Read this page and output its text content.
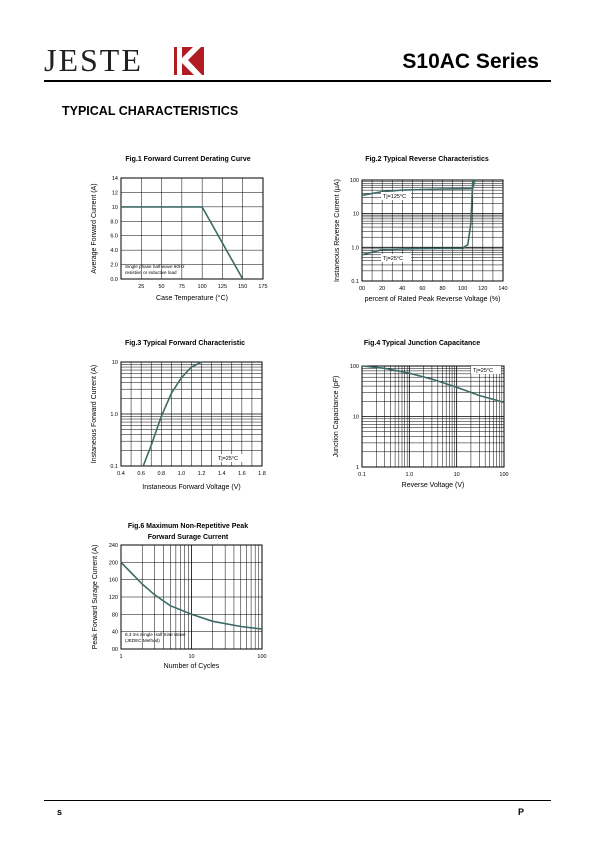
JESTE	S10AC Series
TYPICAL CHARACTERISTICS
Fig.1 Forward Current Derating Curve
Case Temperature (°C)
Average Forward Current (A)
25	50	75 100 125 150 175
0.0
2.0
4.0
6.0
8.0
10
12
14
Single phase half-wave 60Hz
resistive or inductive load
Fig.2 Typical Reverse Characteristics
percent of Rated Peak Reverse Voltage (%)
Instaneous Reverse Current (μA)
00	20	40	60	80 100 120 140
0.1
1.0
10
100
Tj=125°C
Tj=25°C
Fig.3 Typical Forward Characteristic
Instaneous Forward Voltage (V)
Instaneous Forward Current (A)
0.4 0.6 0.8 1.0 1.2 1.4 1.6 1.8
0.1
1.0
10
Tj=25°C
Fig.4 Typical Junction Capacitance
Reverse Voltage (V)
Junction Capacitance (pF)
0.1	1.0	10	100
1
10
100
Tj=25°C
Fig.6 Maximum Non-Repetitive Peak
Forward Surage Current
Number of Cycles
Peak Forward Surage Current (A)
1	10	100
00
40
80
120
160
200
240
8.3 ms Single Half Sine Wave
(JEDEC Method)
s	P
